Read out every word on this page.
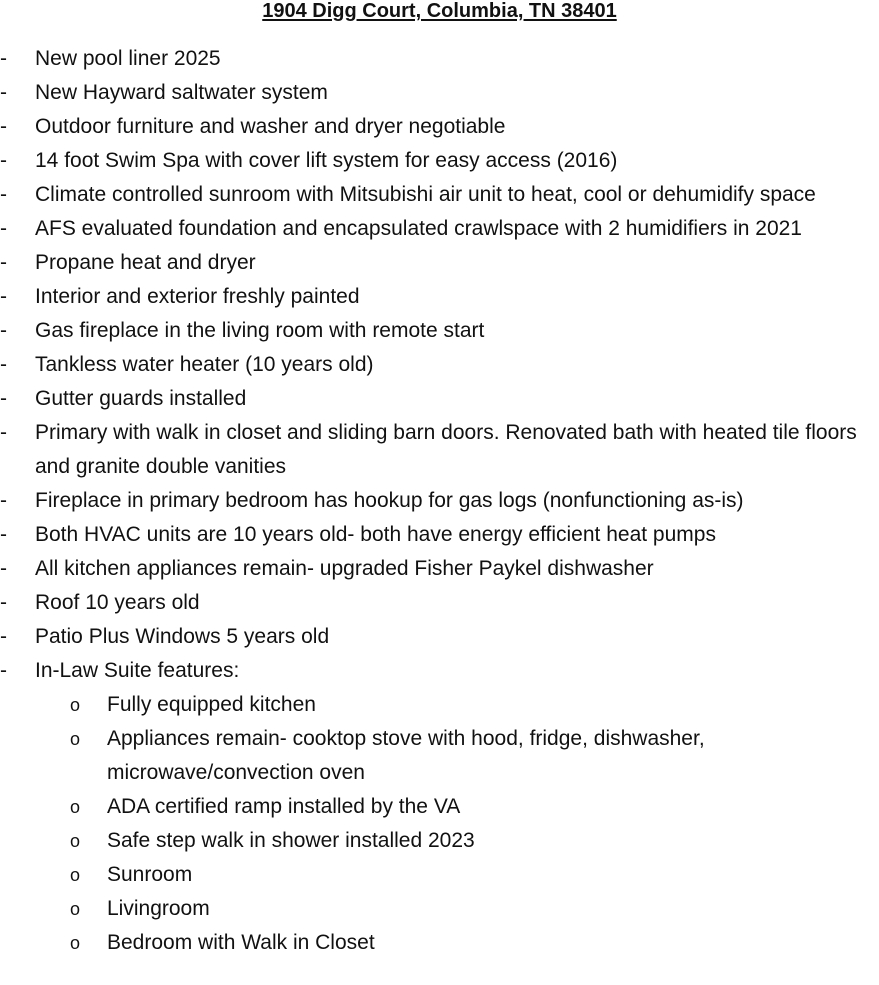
1904 Digg Court, Columbia, TN 38401
- New pool liner 2025
- New Hayward saltwater system
- Outdoor furniture and washer and dryer negotiable
- 14 foot Swim Spa with cover lift system for easy access (2016)
- Climate controlled sunroom with Mitsubishi air unit to heat, cool or dehumidify space
- AFS evaluated foundation and encapsulated crawlspace with 2 humidifiers in 2021
- Propane heat and dryer
- Interior and exterior freshly painted
- Gas fireplace in the living room with remote start
- Tankless water heater (10 years old)
- Gutter guards installed
- Primary with walk in closet and sliding barn doors. Renovated bath with heated tile floors and granite double vanities
- Fireplace in primary bedroom has hookup for gas logs (nonfunctioning as-is)
- Both HVAC units are 10 years old- both have energy efficient heat pumps
- All kitchen appliances remain- upgraded Fisher Paykel dishwasher
- Roof 10 years old
- Patio Plus Windows 5 years old
- In-Law Suite features:
o Fully equipped kitchen
o Appliances remain- cooktop stove with hood, fridge, dishwasher, microwave/convection oven
o ADA certified ramp installed by the VA
o Safe step walk in shower installed 2023
o Sunroom
o Livingroom
o Bedroom with Walk in Closet
